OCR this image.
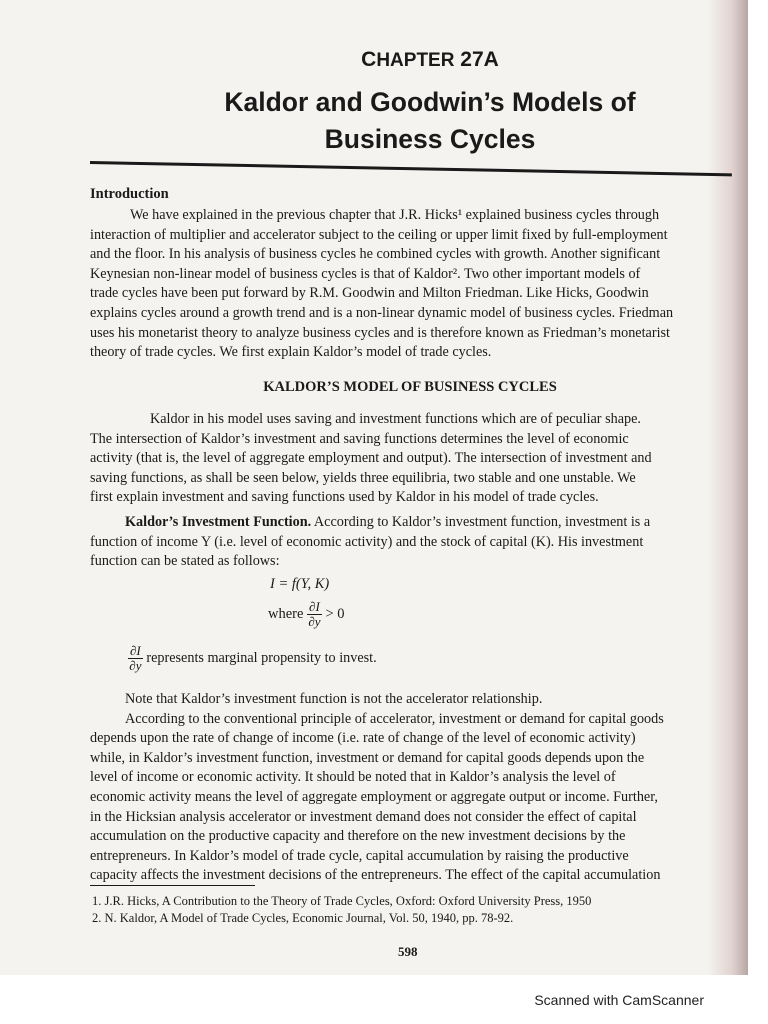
CHAPTER 27A
Kaldor and Goodwin’s Models of
Business Cycles
Introduction
We have explained in the previous chapter that J.R. Hicks¹ explained business cycles through
interaction of multiplier and accelerator subject to the ceiling or upper limit fixed by full-employment
and the floor. In his analysis of business cycles he combined cycles with growth. Another significant
Keynesian non-linear model of business cycles is that of Kaldor². Two other important models of
trade cycles have been put forward by R.M. Goodwin and Milton Friedman. Like Hicks, Goodwin
explains cycles around a growth trend and is a non-linear dynamic model of business cycles. Friedman
uses his monetarist theory to analyze business cycles and is therefore known as Friedman’s monetarist
theory of trade cycles. We first explain Kaldor’s model of trade cycles.
KALDOR’S MODEL OF BUSINESS CYCLES
Kaldor in his model uses saving and investment functions which are of peculiar shape.
The intersection of Kaldor’s investment and saving functions determines the level of economic
activity (that is, the level of aggregate employment and output). The intersection of investment and
saving functions, as shall be seen below, yields three equilibria, two stable and one unstable. We
first explain investment and saving functions used by Kaldor in his model of trade cycles.
Kaldor’s Investment Function. According to Kaldor’s investment function, investment is a
function of income Y (i.e. level of economic activity) and the stock of capital (K). His investment
function can be stated as follows:
I = f(Y, K)
where $\frac{\partial I}{\partial y} > 0$
$\frac{\partial I}{\partial y}$ represents marginal propensity to invest.
Note that Kaldor’s investment function is not the accelerator relationship.
According to the conventional principle of accelerator, investment or demand for capital goods
depends upon the rate of change of income (i.e. rate of change of the level of economic activity)
while, in Kaldor’s investment function, investment or demand for capital goods depends upon the
level of income or economic activity. It should be noted that in Kaldor’s analysis the level of
economic activity means the level of aggregate employment or aggregate output or income. Further,
in the Hicksian analysis accelerator or investment demand does not consider the effect of capital
accumulation on the productive capacity and therefore on the new investment decisions by the
entrepreneurs. In Kaldor’s model of trade cycle, capital accumulation by raising the productive
capacity affects the investment decisions of the entrepreneurs. The effect of the capital accumulation
1. J.R. Hicks, A Contribution to the Theory of Trade Cycles, Oxford: Oxford University Press, 1950
2. N. Kaldor, A Model of Trade Cycles, Economic Journal, Vol. 50, 1940, pp. 78-92.
598
Scanned with CamScanner
